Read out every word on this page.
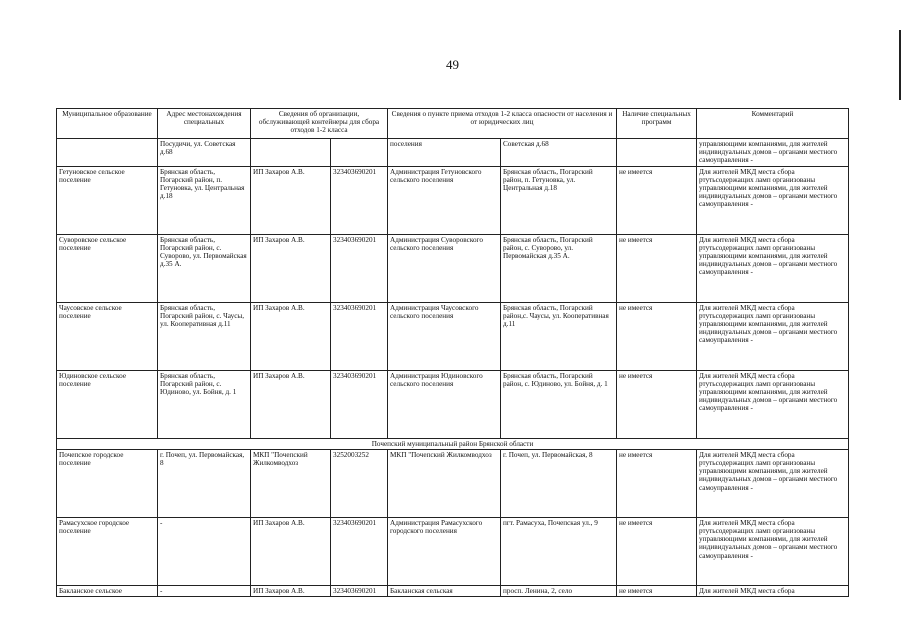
49
Муниципальное образование	Адрес местонахождения специальных	Сведения об организации, обслуживающей контейнеры для сбора отходов 1-2 класса		Сведения о пункте приема отходов 1-2 класса опасности от населения и от юридических лиц		Наличие специальных программ	Комментарий
	Посудичи, ул. Советская д.68			поселения	Советская д.68		управляющими компаниями, для жителей индивидуальных домов – органами местного самоуправления -
Гетуновское сельское поселение	Брянская область, Погарский район, п. Гетуновка, ул. Центральная д.18	ИП Захаров А.В.	323403690201	Администрация Гетуновского сельского поселения	Брянская область, Погарский район, п. Гетуновка, ул. Центральная д.18	не имеется	Для жителей МКД места сбора ртутьсодержащих ламп организованы управляющими компаниями, для жителей индивидуальных домов – органами местного самоуправления -
Суворовское сельское поселение	Брянская область, Погарский район, с. Суворово, ул. Первомайская д.35 А.	ИП Захаров А.В.	323403690201	Администрация Суворовского сельского поселения	Брянская область, Погарский район, с. Суворово, ул. Первомайская д.35 А.	не имеется	Для жителей МКД места сбора ртутьсодержащих ламп организованы управляющими компаниями, для жителей индивидуальных домов – органами местного самоуправления -
Чаусовское сельское поселение	Брянская область, Погарский район, с. Чаусы, ул. Кооперативная д.11	ИП Захаров А.В.	323403690201	Администрация Чаусовского сельского поселения	Брянская область, Погарский район,с. Чаусы, ул. Кооперативная д.11	не имеется	Для жителей МКД места сбора ртутьсодержащих ламп организованы управляющими компаниями, для жителей индивидуальных домов – органами местного самоуправления -
Юдиновское сельское поселение	Брянская область, Погарский район, с. Юдиново, ул. Бойня, д. 1	ИП Захаров А.В.	323403690201	Администрация Юдиновского сельского поселения	Брянская область, Погарский район, с. Юдиново, ул. Бойня, д. 1	не имеется	Для жителей МКД места сбора ртутьсодержащих ламп организованы управляющими компаниями, для жителей индивидуальных домов – органами местного самоуправления -
Почепский муниципальный район Брянской области							
Почепское городское поселение	г. Почеп, ул. Первомайская, 8	МКП "Почепский Жилкомводхоз	3252003252	МКП "Почепский Жилкомводхоз	г. Почеп, ул. Первомайская, 8	не имеется	Для жителей МКД места сбора ртутьсодержащих ламп организованы управляющими компаниями, для жителей индивидуальных домов – органами местного самоуправления -
Рамасухское городское поселение	-	ИП Захаров А.В.	323403690201	Администрация Рамасухского городского поселения	пгт. Рамасуха, Почепская ул., 9	не имеется	Для жителей МКД места сбора ртутьсодержащих ламп организованы управляющими компаниями, для жителей индивидуальных домов – органами местного самоуправления -
Бакланское сельское	-	ИП Захаров А.В.	323403690201	Бакланская сельская	просп. Ленина, 2, село	не имеется	Для жителей МКД места сбора
